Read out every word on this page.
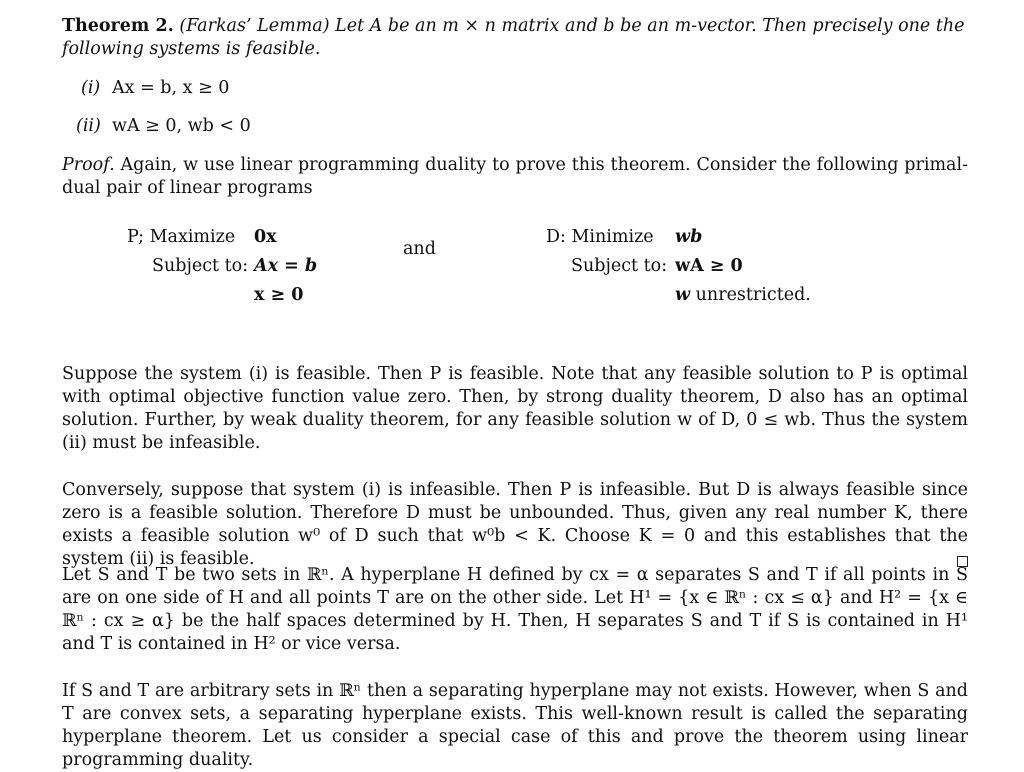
Theorem 2. (Farkas’ Lemma) Let A be an m × n matrix and b be an m-vector. Then precisely one the
following systems is feasible.
(i) Ax = b, x ≥ 0
(ii) wA ≥ 0, wb < 0
Proof. Again, w use linear programming duality to prove this theorem. Consider the following primal-dual pair of linear programs
P; Maximize 0x
Subject to: Ax = b
x ≥ 0
and
D: Minimize wb
Subject to: wA ≥ 0
w unrestricted.
Suppose the system (i) is feasible. Then P is feasible. Note that any feasible solution to P is optimal with optimal objective function value zero. Then, by strong duality theorem, D also has an optimal solution. Further, by weak duality theorem, for any feasible solution w of D, 0 ≤ wb. Thus the system (ii) must be infeasible.
Conversely, suppose that system (i) is infeasible. Then P is infeasible. But D is always feasible since zero is a feasible solution. Therefore D must be unbounded. Thus, given any real number K, there exists a feasible solution w⁰ of D such that w⁰b < K. Choose K = 0 and this establishes that the system (ii) is feasible.
Let S and T be two sets in ℝⁿ. A hyperplane H defined by cx = α separates S and T if all points in S are on one side of H and all points T are on the other side. Let H¹ = {x ∈ ℝⁿ : cx ≤ α} and H² = {x ∈ ℝⁿ : cx ≥ α} be the half spaces determined by H. Then, H separates S and T if S is contained in H¹ and T is contained in H² or vice versa.
If S and T are arbitrary sets in ℝⁿ then a separating hyperplane may not exists. However, when S and T are convex sets, a separating hyperplane exists. This well-known result is called the separating hyperplane theorem. Let us consider a special case of this and prove the theorem using linear programming duality.
